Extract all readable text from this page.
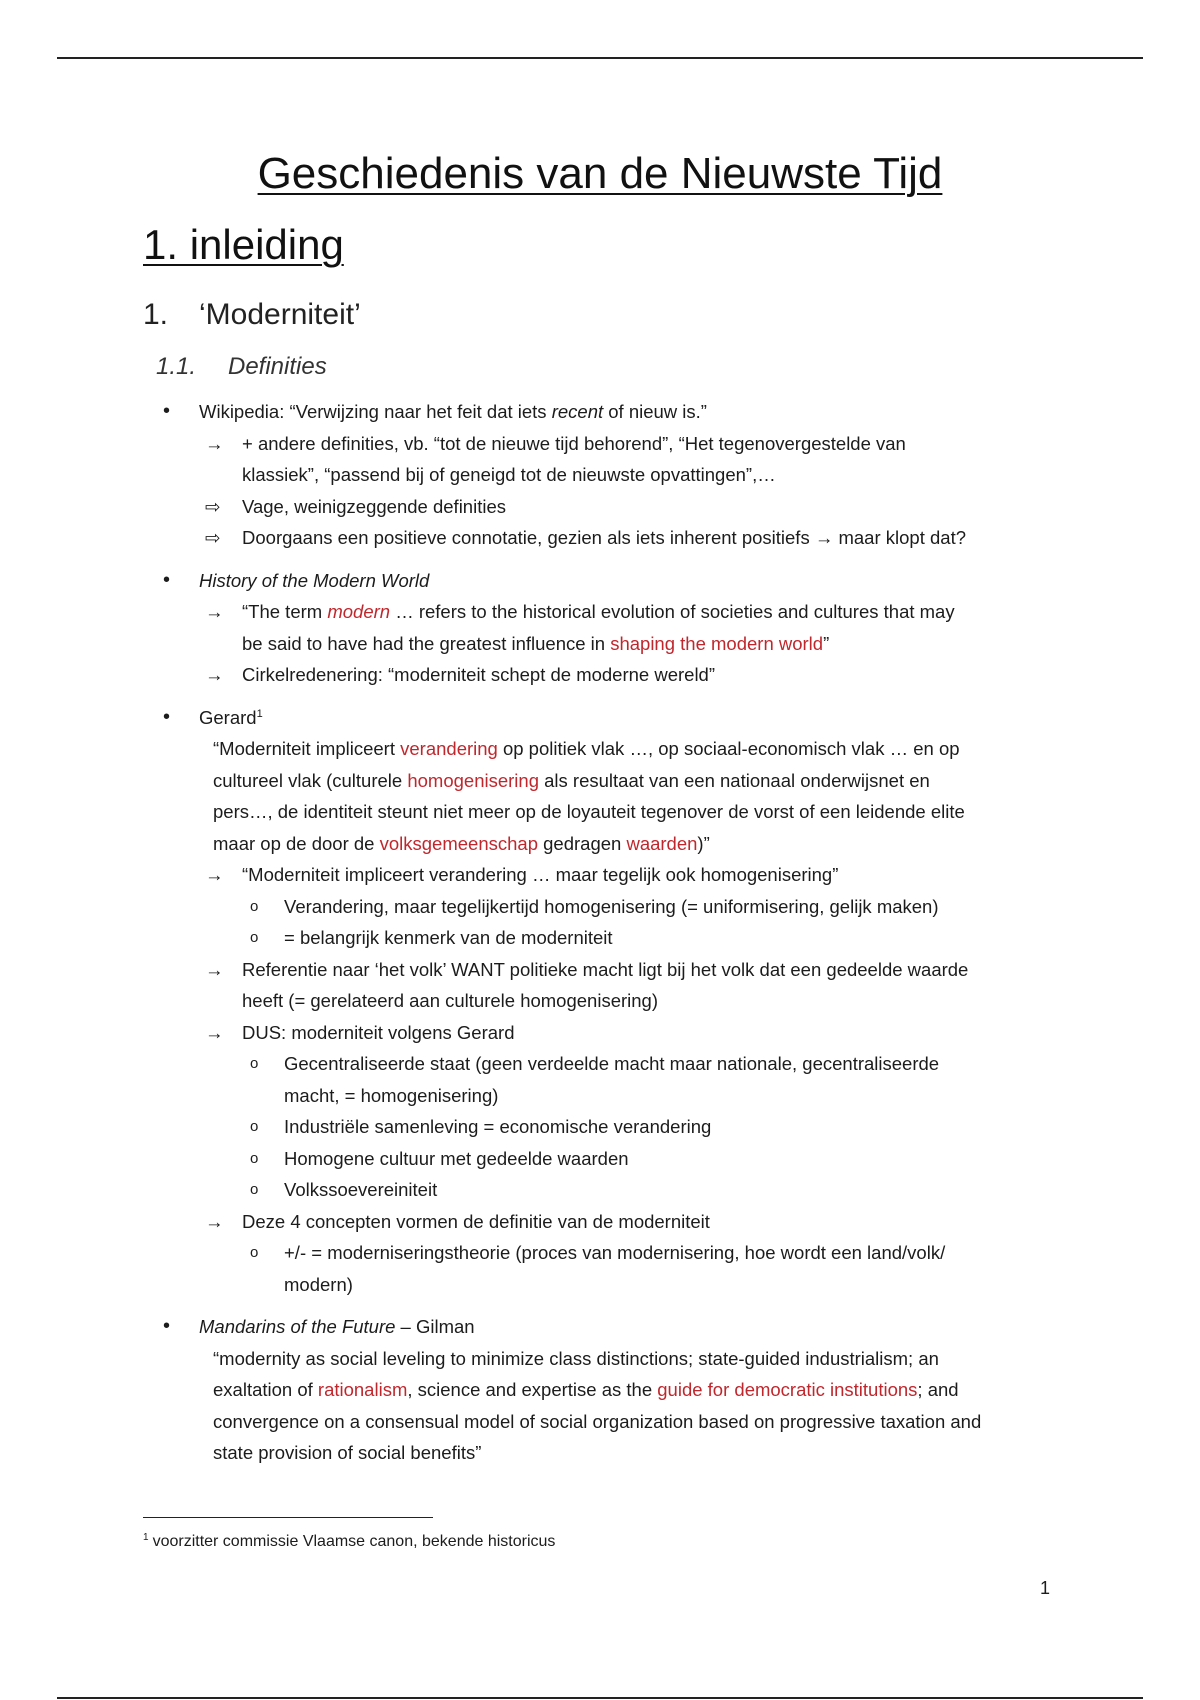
Geschiedenis van de Nieuwste Tijd
1. inleiding
1. ‘Moderniteit’
1.1. Definities
• Wikipedia: “Verwijzing naar het feit dat iets recent of nieuw is.”
→ + andere definities, vb. “tot de nieuwe tijd behorend”, “Het tegenovergestelde van
klassiek”, “passend bij of geneigd tot de nieuwste opvattingen”,…
⇨ Vage, weinigzeggende definities
⇨ Doorgaans een positieve connotatie, gezien als iets inherent positiefs → maar klopt dat?
• History of the Modern World
→ “The term modern … refers to the historical evolution of societies and cultures that may
be said to have had the greatest influence in shaping the modern world”
→ Cirkelredenering: “moderniteit schept de moderne wereld”
• Gerard$^1$
“Moderniteit impliceert verandering op politiek vlak …, op sociaal-economisch vlak … en op
cultureel vlak (culturele homogenisering als resultaat van een nationaal onderwijsnet en
pers…, de identiteit steunt niet meer op de loyauteit tegenover de vorst of een leidende elite
maar op de door de volksgemeenschap gedragen waarden)”
→ “Moderniteit impliceert verandering … maar tegelijk ook homogenisering”
o Verandering, maar tegelijkertijd homogenisering (= uniformisering, gelijk maken)
o = belangrijk kenmerk van de moderniteit
→ Referentie naar ‘het volk’ WANT politieke macht ligt bij het volk dat een gedeelde waarde
heeft (= gerelateerd aan culturele homogenisering)
→ DUS: moderniteit volgens Gerard
o Gecentraliseerde staat (geen verdeelde macht maar nationale, gecentraliseerde
macht, = homogenisering)
o Industriële samenleving = economische verandering
o Homogene cultuur met gedeelde waarden
o Volkssoevereiniteit
→ Deze 4 concepten vormen de definitie van de moderniteit
o +/- = moderniseringstheorie (proces van modernisering, hoe wordt een land/volk/
modern)
• Mandarins of the Future – Gilman
“modernity as social leveling to minimize class distinctions; state-guided industrialism; an
exaltation of rationalism, science and expertise as the guide for democratic institutions; and
convergence on a consensual model of social organization based on progressive taxation and
state provision of social benefits”
$^1$ voorzitter commissie Vlaamse canon, bekende historicus
1
